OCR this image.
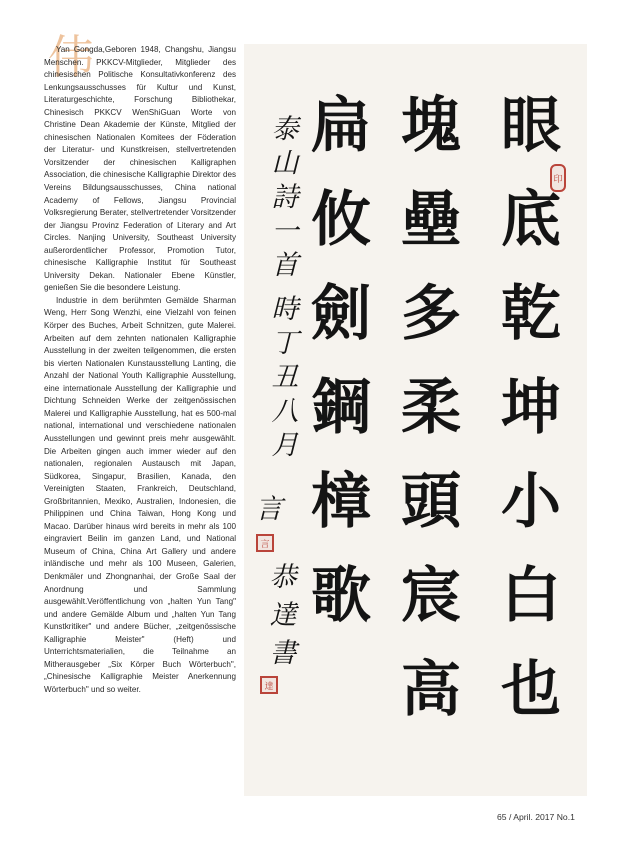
伟

Yan Gongda,Geboren 1948, Changshu, Jiangsu Menschen. PKKCV-Mitglieder, Mitglieder des chinesischen Politische Konsultativkonferenz des Lenkungsausschusses für Kultur und Kunst, Literaturgeschichte, Forschung Bibliothekar, Chinesisch PKKCV WenShiGuan Worte von Christine Dean Akademie der Künste, Mitglied der chinesischen Nationalen Komitees der Föderation der Literatur- und Kunstkreisen, stellvertretenden Vorsitzender der chinesischen Kalligraphen Association, die chinesische Kalligraphie Direktor des Vereins Bildungsausschusses, China national Academy of Fellows, Jiangsu Provincial Volksregierung Berater, stellvertretender Vorsitzender der Jiangsu Provinz Federation of Literary and Art Circles. Nanjing University, Southeast University außerordentlicher Professor, Promotion Tutor, chinesische Kalligraphie Institut für Southeast University Dekan. Nationaler Ebene Künstler, genießen Sie die besondere Leistung.

Industrie in dem berühmten Gemälde Sharman Weng, Herr Song Wenzhi, eine Vielzahl von feinen Körper des Buches, Arbeit Schnitzen, gute Malerei. Arbeiten auf dem zehnten nationalen Kalligraphie Ausstellung in der zweiten teilgenommen, die ersten bis vierten Nationalen Kunstausstellung Lanting, die Anzahl der National Youth Kalligraphie Ausstellung, eine internationale Ausstellung der Kalligraphie und Dichtung Schneiden Werke der zeitgenössischen Malerei und Kalligraphie Ausstellung, hat es 500-mal national, international und verschiedene nationalen Ausstellungen und gewinnt preis mehr ausgewählt. Die Arbeiten gingen auch immer wieder auf den nationalen, regionalen Austausch mit Japan, Südkorea, Singapur, Brasilien, Kanada, den Vereinigten Staaten, Frankreich, Deutschland, Großbritannien, Mexiko, Australien, Indonesien, die Philippinen und China Taiwan, Hong Kong und Macao. Darüber hinaus wird bereits in mehr als 100 eingraviert Beilin im ganzen Land, und National Museum of China, China Art Gallery und andere inländische und mehr als 100 Museen, Galerien, Denkmäler und Zhongnanhai, der Große Saal der Anordnung und Sammlung ausgewählt.Veröffentlichung von „halten Yun Tang" und andere Gemälde Album und „halten Yun Tang Kunstkritiker" und andere Bücher, „zeitgenössische Kalligraphie Meister" (Heft) und Unterrichtsmaterialien, die Teilnahme an Mitherausgeber „Six Körper Buch Wörterbuch", „Chinesische Kalligraphie Meister Anerkennung Wörterbuch" und so weiter.

眼
底
乾
坤
小
白
也
塊
壘
多
柔
頭
宸
高
扁
攸
劍
鋼
樟
歌
泰
山
詩
一
首
時
丁
丑
八
月
言
恭
達
書
印
言
達
65 / April. 2017 No.1
